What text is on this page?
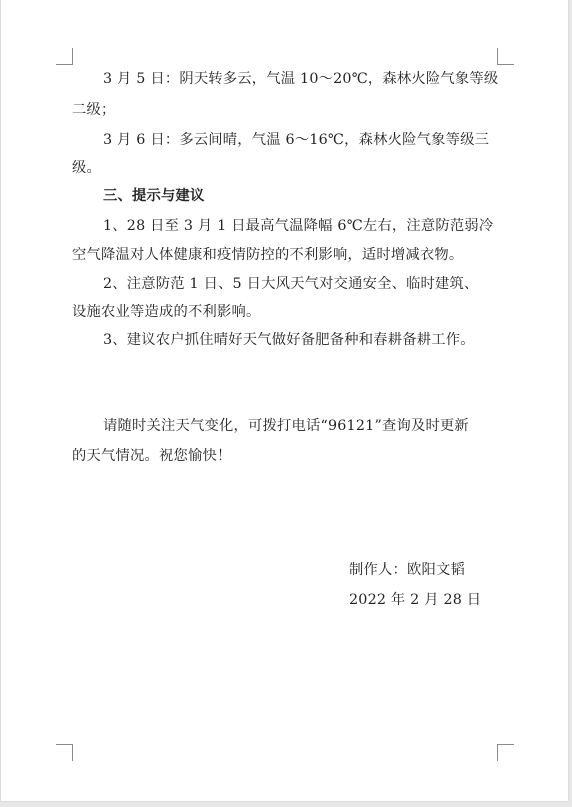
3 月 5 日：阴天转多云，气温 10～20℃，森林火险气象等级
二级；
3 月 6 日：多云间晴，气温 6～16℃，森林火险气象等级三
级。
三、提示与建议
1、28 日至 3 月 1 日最高气温降幅 6℃左右，注意防范弱冷
空气降温对人体健康和疫情防控的不利影响，适时增减衣物。
2、注意防范 1 日、5 日大风天气对交通安全、临时建筑、
设施农业等造成的不利影响。
3、建议农户抓住晴好天气做好备肥备种和春耕备耕工作。
请随时关注天气变化，可拨打电话“96121”查询及时更新
的天气情况。祝您愉快！
制作人：欧阳文韬
2022 年 2 月 28 日
